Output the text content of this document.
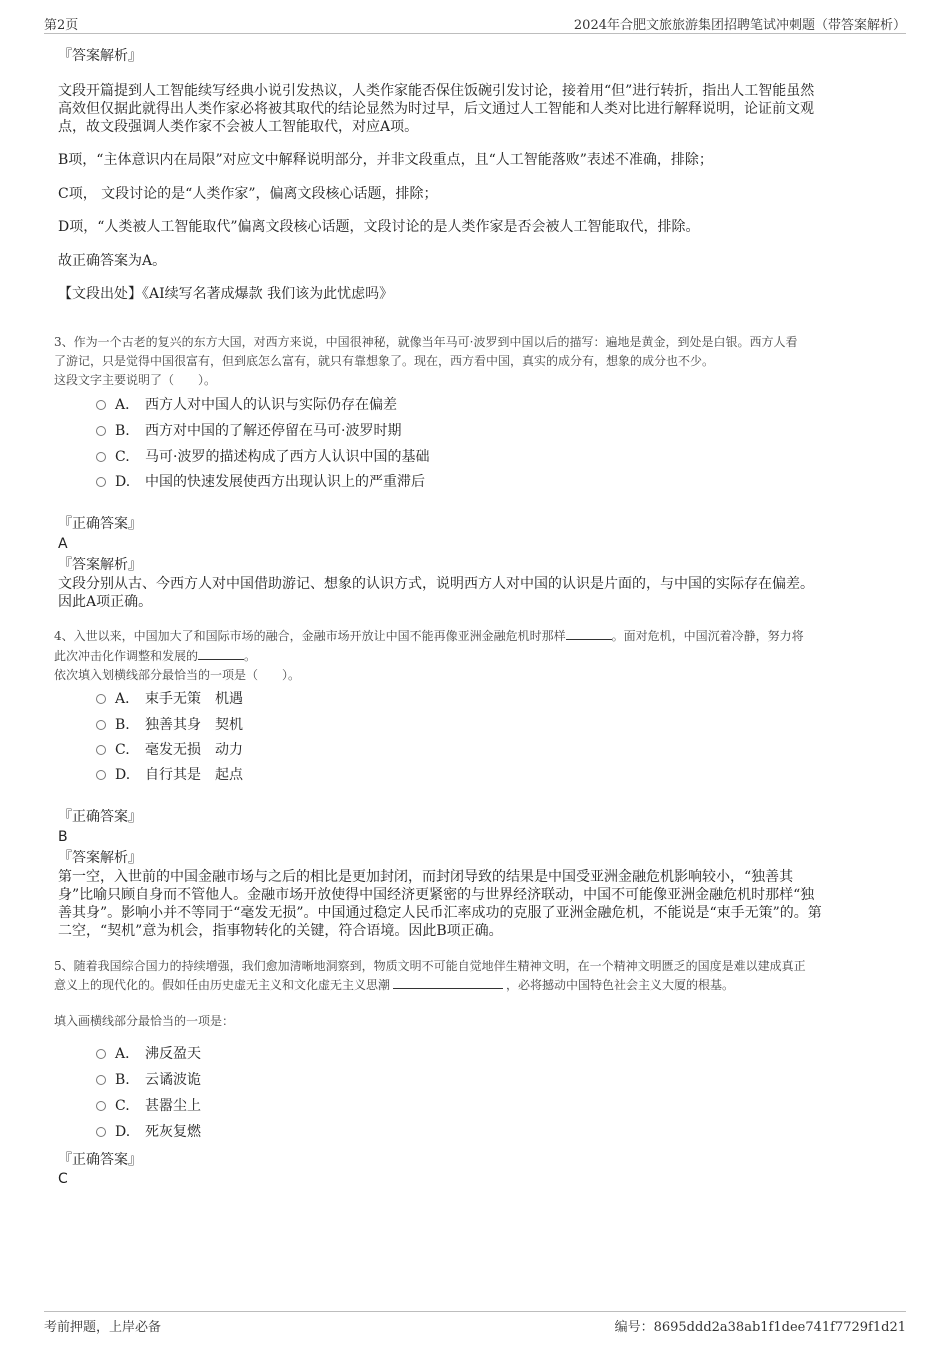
第2页	2024年合肥文旅旅游集团招聘笔试冲刺题（带答案解析）
『答案解析』
文段开篇提到人工智能续写经典小说引发热议，人类作家能否保住饭碗引发讨论，接着用“但”进行转折，指出人工智能虽然
高效但仅据此就得出人类作家必将被其取代的结论显然为时过早，后文通过人工智能和人类对比进行解释说明，论证前文观
点，故文段强调人类作家不会被人工智能取代，对应A项。
B项，“主体意识内在局限”对应文中解释说明部分，并非文段重点，且“人工智能落败”表述不准确，排除；
C项， 文段讨论的是“人类作家”，偏离文段核心话题，排除；
D项，“人类被人工智能取代”偏离文段核心话题，文段讨论的是人类作家是否会被人工智能取代，排除。
故正确答案为A。
【文段出处】《AI续写名著成爆款 我们该为此忧虑吗》
3、作为一个古老的复兴的东方大国，对西方来说，中国很神秘，就像当年马可·波罗到中国以后的描写：遍地是黄金，到处是白银。西方人看
了游记，只是觉得中国很富有，但到底怎么富有，就只有靠想象了。现在，西方看中国，真实的成分有，想象的成分也不少。
这段文字主要说明了（　　）。
A． 西方人对中国人的认识与实际仍存在偏差
B. 西方对中国的了解还停留在马可·波罗时期
C. 马可·波罗的描述构成了西方人认识中国的基础
D. 中国的快速发展使西方出现认识上的严重滞后
『正确答案』
A
『答案解析』
文段分别从古、今西方人对中国借助游记、想象的认识方式，说明西方人对中国的认识是片面的，与中国的实际存在偏差。
因此A项正确。
4、入世以来，中国加大了和国际市场的融合，金融市场开放让中国不能再像亚洲金融危机时那样	。面对危机，中国沉着冷静，努力将
此次冲击化作调整和发展的	。
依次填入划横线部分最恰当的一项是（　　）。
A． 束手无策　机遇
B. 独善其身　契机
C. 毫发无损　动力
D. 自行其是　起点
『正确答案』
B
『答案解析』
第一空，入世前的中国金融市场与之后的相比是更加封闭，而封闭导致的结果是中国受亚洲金融危机影响较小，“独善其
身”比喻只顾自身而不管他人。金融市场开放使得中国经济更紧密的与世界经济联动，中国不可能像亚洲金融危机时那样“独
善其身”。影响小并不等同于“毫发无损”。中国通过稳定人民币汇率成功的克服了亚洲金融危机，不能说是“束手无策”的。第
二空，“契机”意为机会，指事物转化的关键，符合语境。因此B项正确。
5、随着我国综合国力的持续增强，我们愈加清晰地洞察到，物质文明不可能自觉地伴生精神文明，在一个精神文明匮乏的国度是难以建成真正
意义上的现代化的。假如任由历史虚无主义和文化虚无主义思潮	，必将撼动中国特色社会主义大厦的根基。
填入画横线部分最恰当的一项是：
A． 沸反盈天
B. 云谲波诡
C. 甚嚣尘上
D. 死灰复燃
『正确答案』
C
考前押题，上岸必备	编号：8695ddd2a38ab1f1dee741f7729f1d21
